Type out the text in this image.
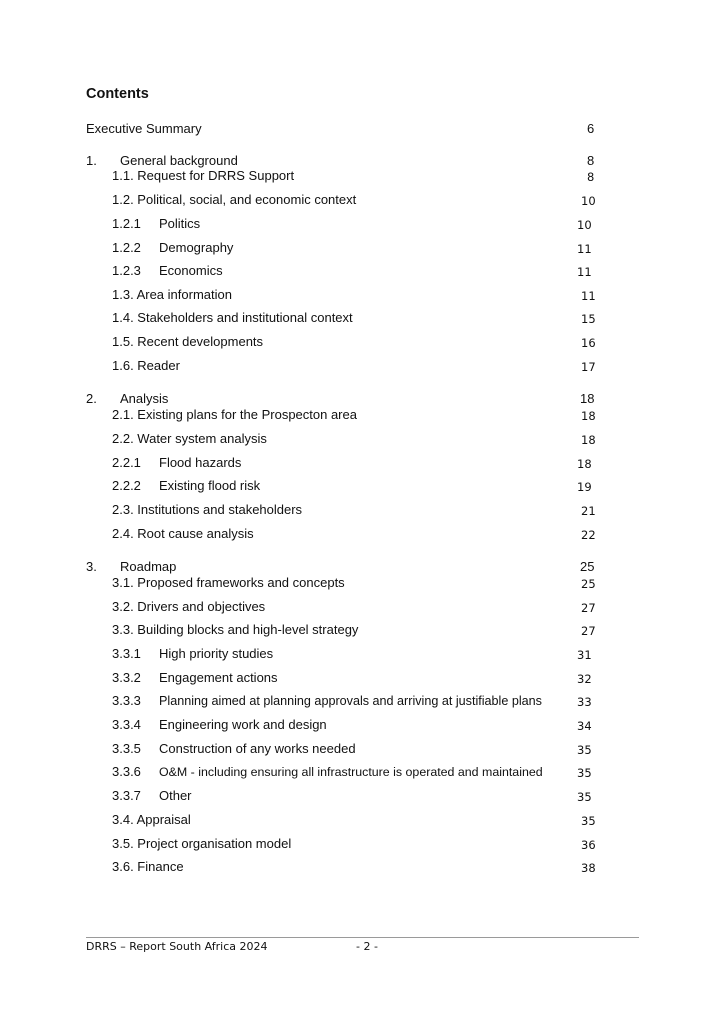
Contents
Executive Summary	6
1. General background	8
1.1. Request for DRRS Support	8
1.2. Political, social, and economic context	10
1.2.1 Politics	10
1.2.2 Demography	11
1.2.3 Economics	11
1.3. Area information	11
1.4. Stakeholders and institutional context	15
1.5. Recent developments	16
1.6. Reader	17
2. Analysis	18
2.1. Existing plans for the Prospecton area	18
2.2. Water system analysis	18
2.2.1 Flood hazards	18
2.2.2 Existing flood risk	19
2.3. Institutions and stakeholders	21
2.4. Root cause analysis	22
3. Roadmap	25
3.1. Proposed frameworks and concepts	25
3.2. Drivers and objectives	27
3.3. Building blocks and high-level strategy	27
3.3.1 High priority studies	31
3.3.2 Engagement actions	32
3.3.3 Planning aimed at planning approvals and arriving at justifiable plans	33
3.3.4 Engineering work and design	34
3.3.5 Construction of any works needed	35
3.3.6 O&M - including ensuring all infrastructure is operated and maintained	35
3.3.7 Other	35
3.4. Appraisal	35
3.5. Project organisation model	36
3.6. Finance	38
DRRS – Report South Africa 2024	- 2 -
